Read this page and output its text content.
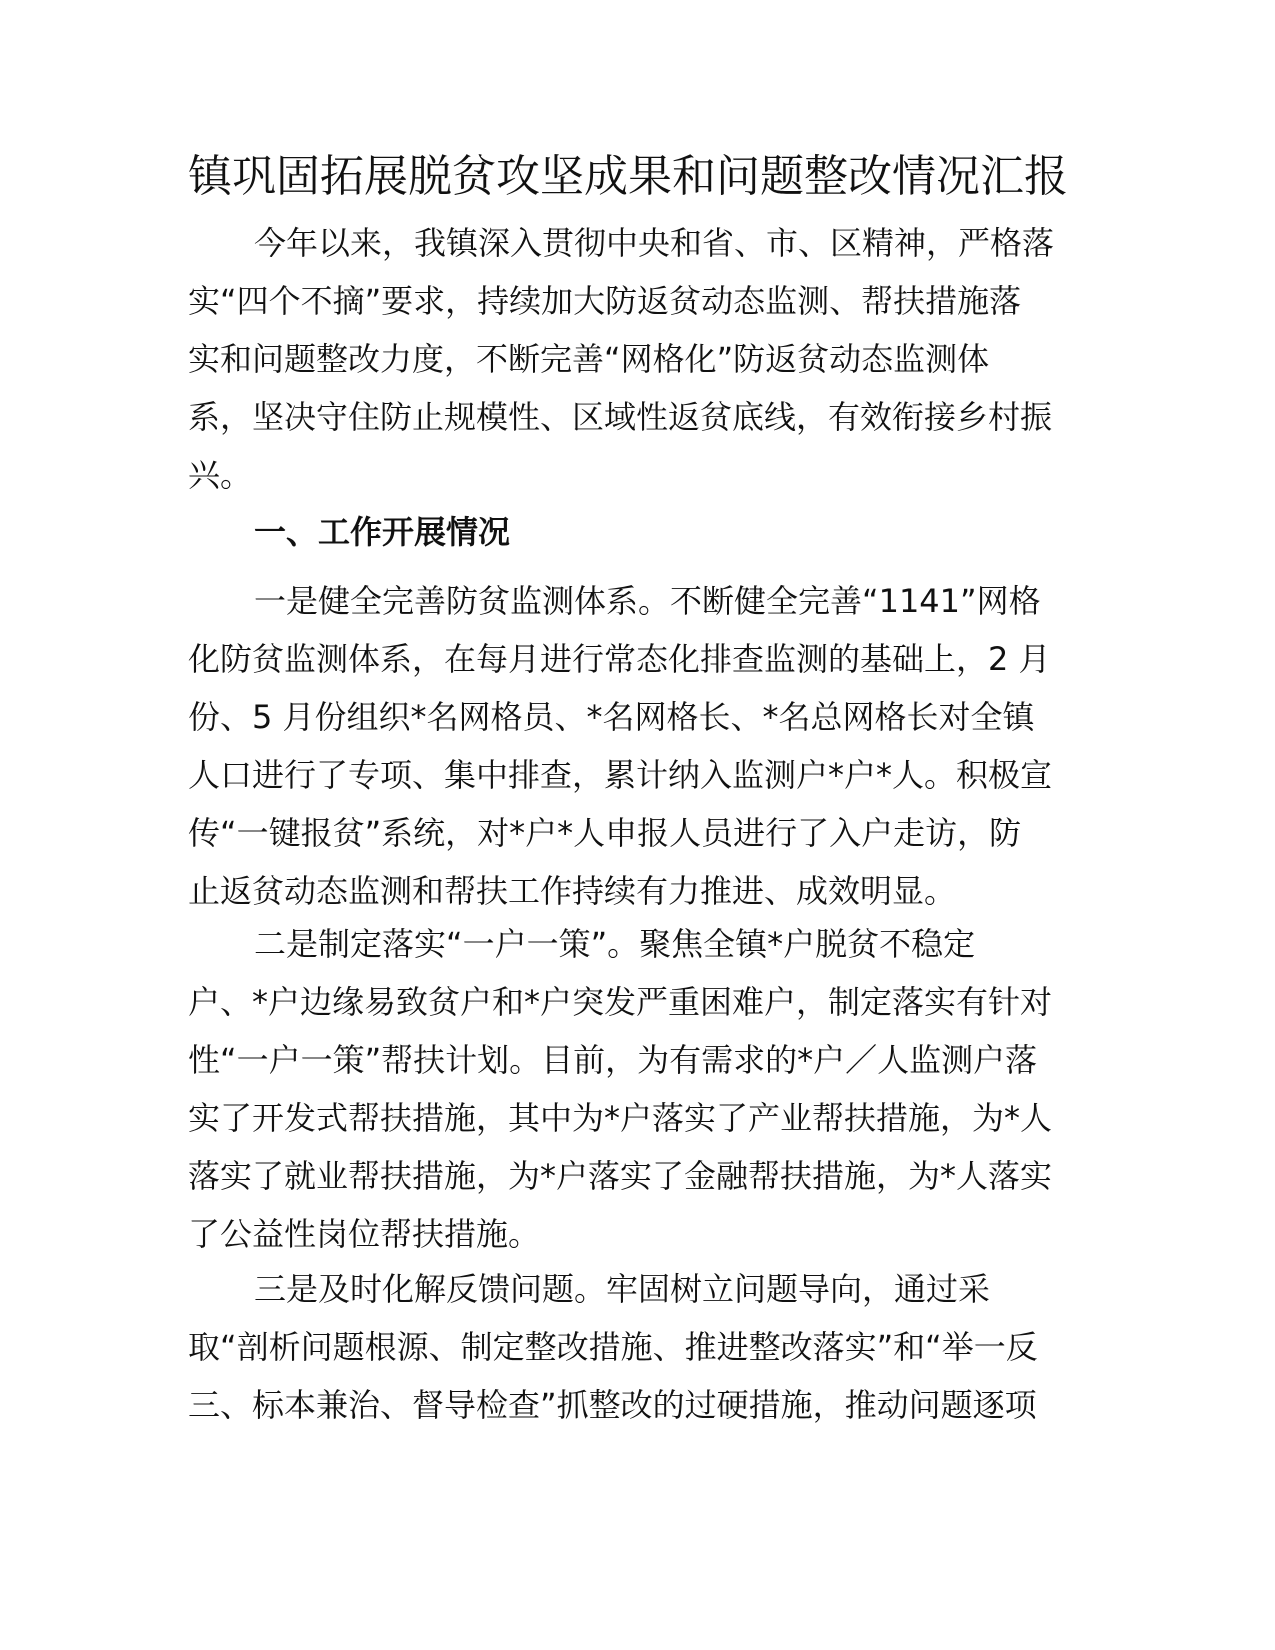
镇巩固拓展脱贫攻坚成果和问题整改情况汇报
今年以来，我镇深入贯彻中央和省、市、区精神，严格落
实“四个不摘”要求，持续加大防返贫动态监测、帮扶措施落
实和问题整改力度，不断完善“网格化”防返贫动态监测体
系，坚决守住防止规模性、区域性返贫底线，有效衔接乡村振
兴。
一、工作开展情况
一是健全完善防贫监测体系。不断健全完善“1141”网格
化防贫监测体系，在每月进行常态化排查监测的基础上，2 月
份、5 月份组织*名网格员、*名网格长、*名总网格长对全镇
人口进行了专项、集中排查，累计纳入监测户*户*人。积极宣
传“一键报贫”系统，对*户*人申报人员进行了入户走访，防
止返贫动态监测和帮扶工作持续有力推进、成效明显。
二是制定落实“一户一策”。聚焦全镇*户脱贫不稳定
户、*户边缘易致贫户和*户突发严重困难户，制定落实有针对
性“一户一策”帮扶计划。目前，为有需求的*户／人监测户落
实了开发式帮扶措施，其中为*户落实了产业帮扶措施，为*人
落实了就业帮扶措施，为*户落实了金融帮扶措施，为*人落实
了公益性岗位帮扶措施。
三是及时化解反馈问题。牢固树立问题导向，通过采
取“剖析问题根源、制定整改措施、推进整改落实”和“举一反
三、标本兼治、督导检查”抓整改的过硬措施，推动问题逐项
